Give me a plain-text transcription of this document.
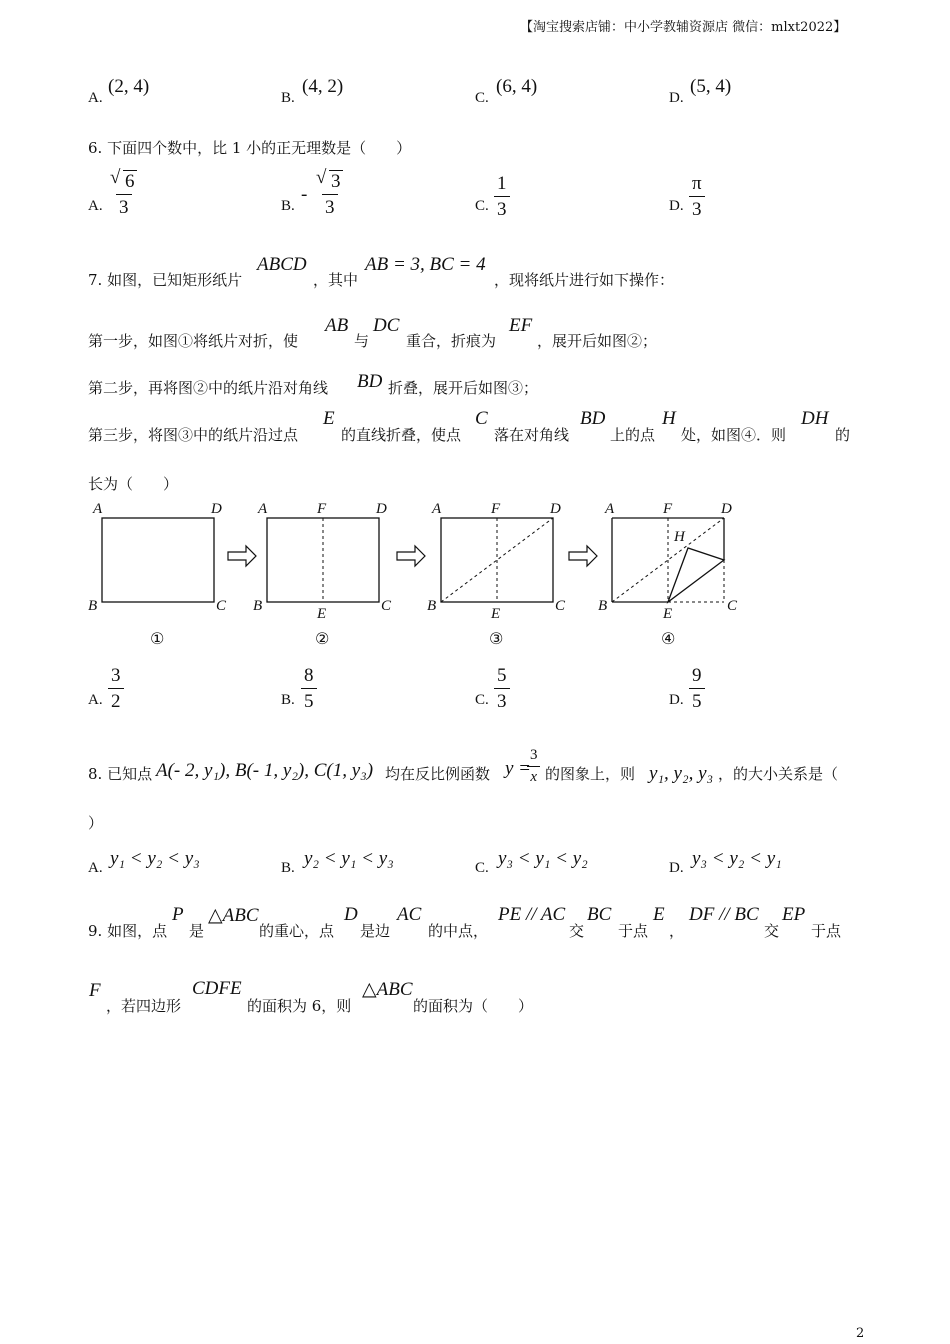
【淘宝搜索店铺：中小学教辅资源店 微信：mlxt2022】
A.
(2, 4)
B.
(4, 2)
C.
(6, 4)
D.
(5, 4)
6. 下面四个数中，比 1 小的正无理数是（　　）
A. √ $\frac{6}{3}$	B.
- √ $\frac{3}{3}$	C. $\frac{1}{3}$	D. $\frac{\pi}{3}$
7. 如图，已知矩形纸片
ABCD
，其中
AB = 3, BC = 4
，现将纸片进行如下操作：
第一步，如图①将纸片对折，使
AB
与
DC
重合，折痕为
EF
，展开后如图②；
第二步，再将图②中的纸片沿对角线 BD 折叠，展开后如图③；
第三步，将图③中的纸片沿过点
E
的直线折叠，使点
C
落在对角线
BD
上的点
H
处，如图④．则
DH
的
长为（　　）
A	D
B	C
A	F	D
B	E	C
A	F	D
B	E	C
A	F	D
H
B	E	C
①	②	③	④
A. $\frac{3}{2}$	B. $\frac{8}{5}$	C. $\frac{5}{3}$	D. $\frac{9}{5}$
8. 已知点 A(- 2, y₁), B(- 1, y₂), C(1, y₃) 均在反比例函数 y =
$\frac{3}{x}$ 的图象上，则 y₁, y₂, y₃ ，的大小关系是（
）
A. y₁ < y₂ < y₃	B. y₂ < y₁ < y₃	C. y₃ < y₁ < y₂	D. y₃ < y₂ < y₁
9. 如图，点
P
是
△ABC
的重心，点
D
是边
AC
的中点，
PE // AC
交
BC
于点
E
，
DF // BC
交
EP
于点
F
，若四边形
CDFE
的面积为 6，则
△ABC
的面积为（　　）
2
